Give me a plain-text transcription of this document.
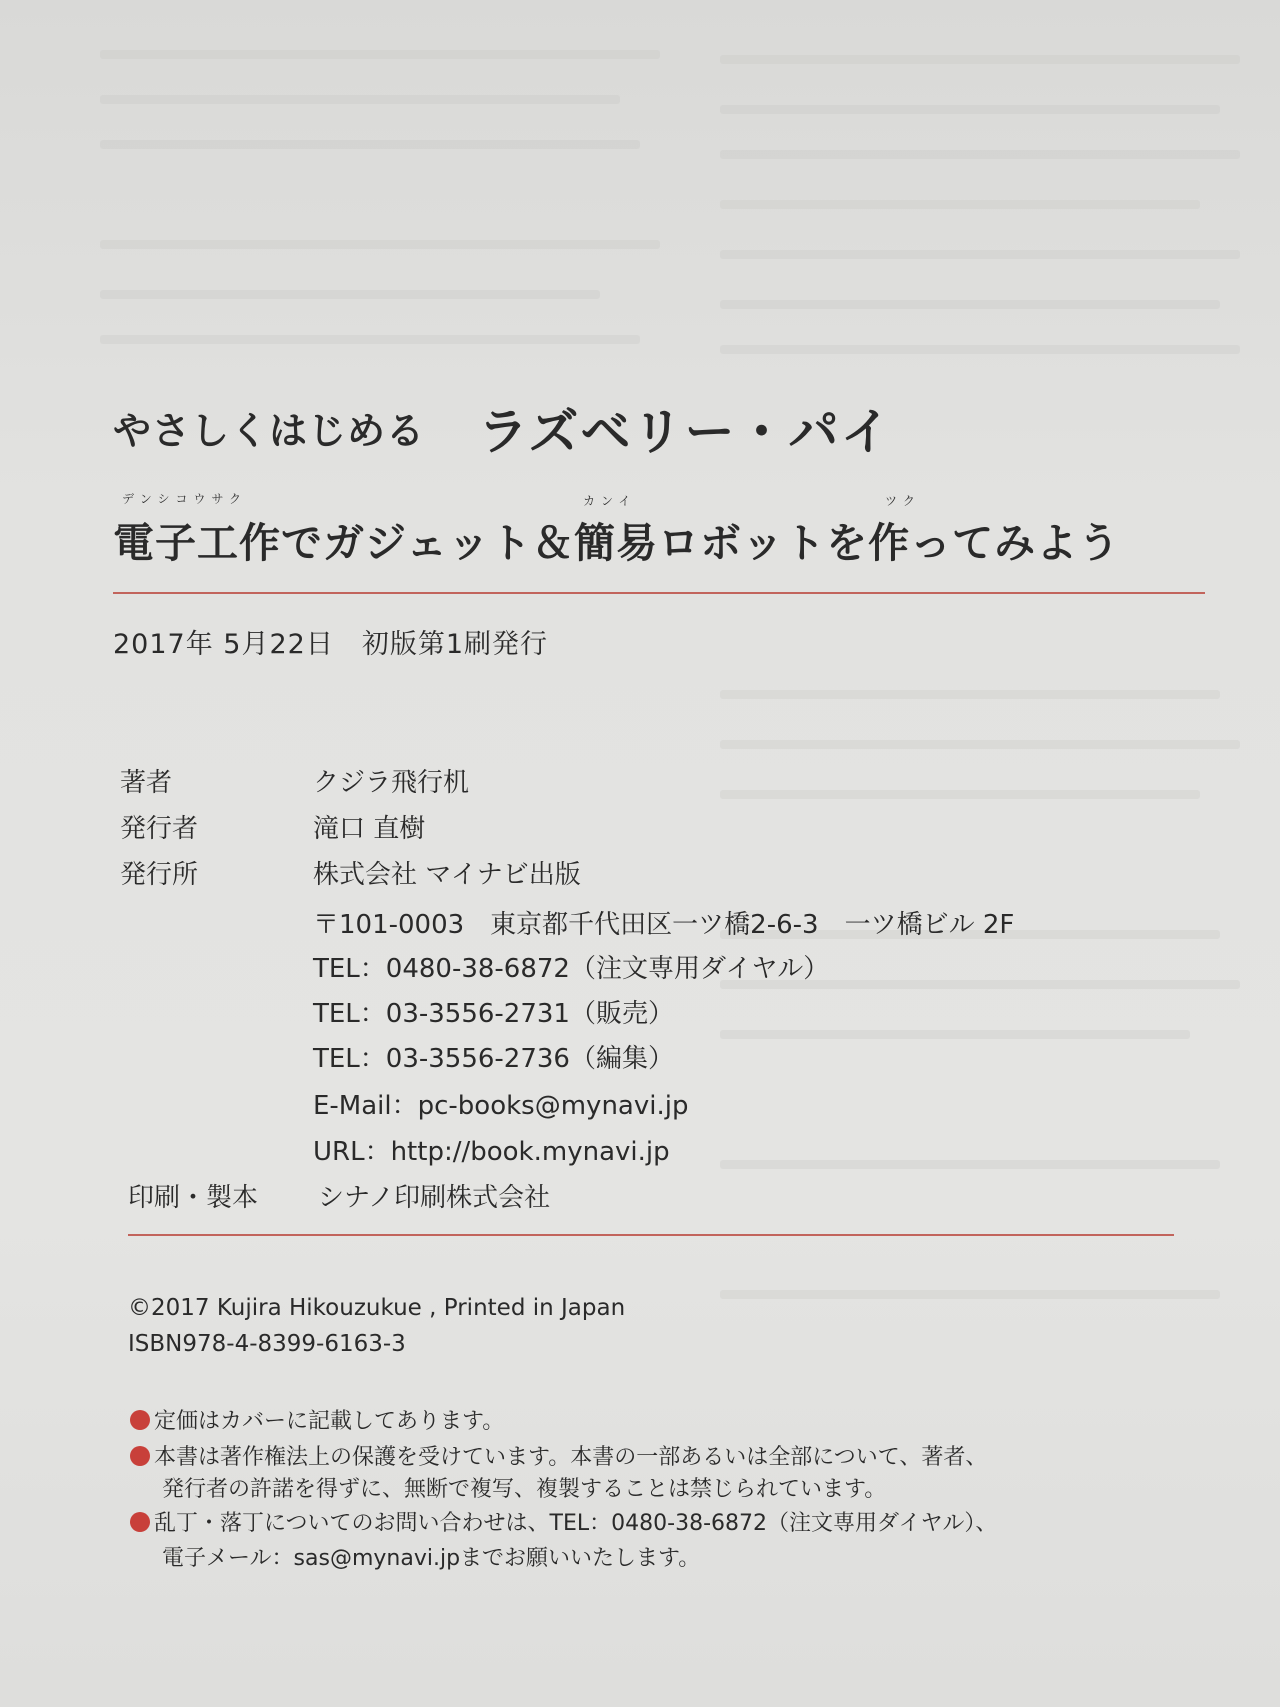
やさしくはじめる ラズベリー・パイ
デンシコウサク	カンイ	ツク
電子工作でガジェット＆簡易ロボットを作ってみよう
2017年 5月22日　初版第1刷発行
著者	クジラ飛行机
発行者	滝口 直樹
発行所	株式会社 マイナビ出版
〒101-0003　東京都千代田区一ツ橋2-6-3　一ツ橋ビル 2F
TEL：0480-38-6872（注文専用ダイヤル）
TEL：03-3556-2731（販売）
TEL：03-3556-2736（編集）
E-Mail：pc-books@mynavi.jp
URL：http://book.mynavi.jp
印刷・製本 シナノ印刷株式会社
©2017 Kujira Hikouzukue , Printed in Japan
ISBN978-4-8399-6163-3
定価はカバーに記載してあります。
本書は著作権法上の保護を受けています。本書の一部あるいは全部について、著者、
発行者の許諾を得ずに、無断で複写、複製することは禁じられています。
乱丁・落丁についてのお問い合わせは、TEL：0480-38-6872（注文専用ダイヤル）、
電子メール：sas@mynavi.jpまでお願いいたします。
